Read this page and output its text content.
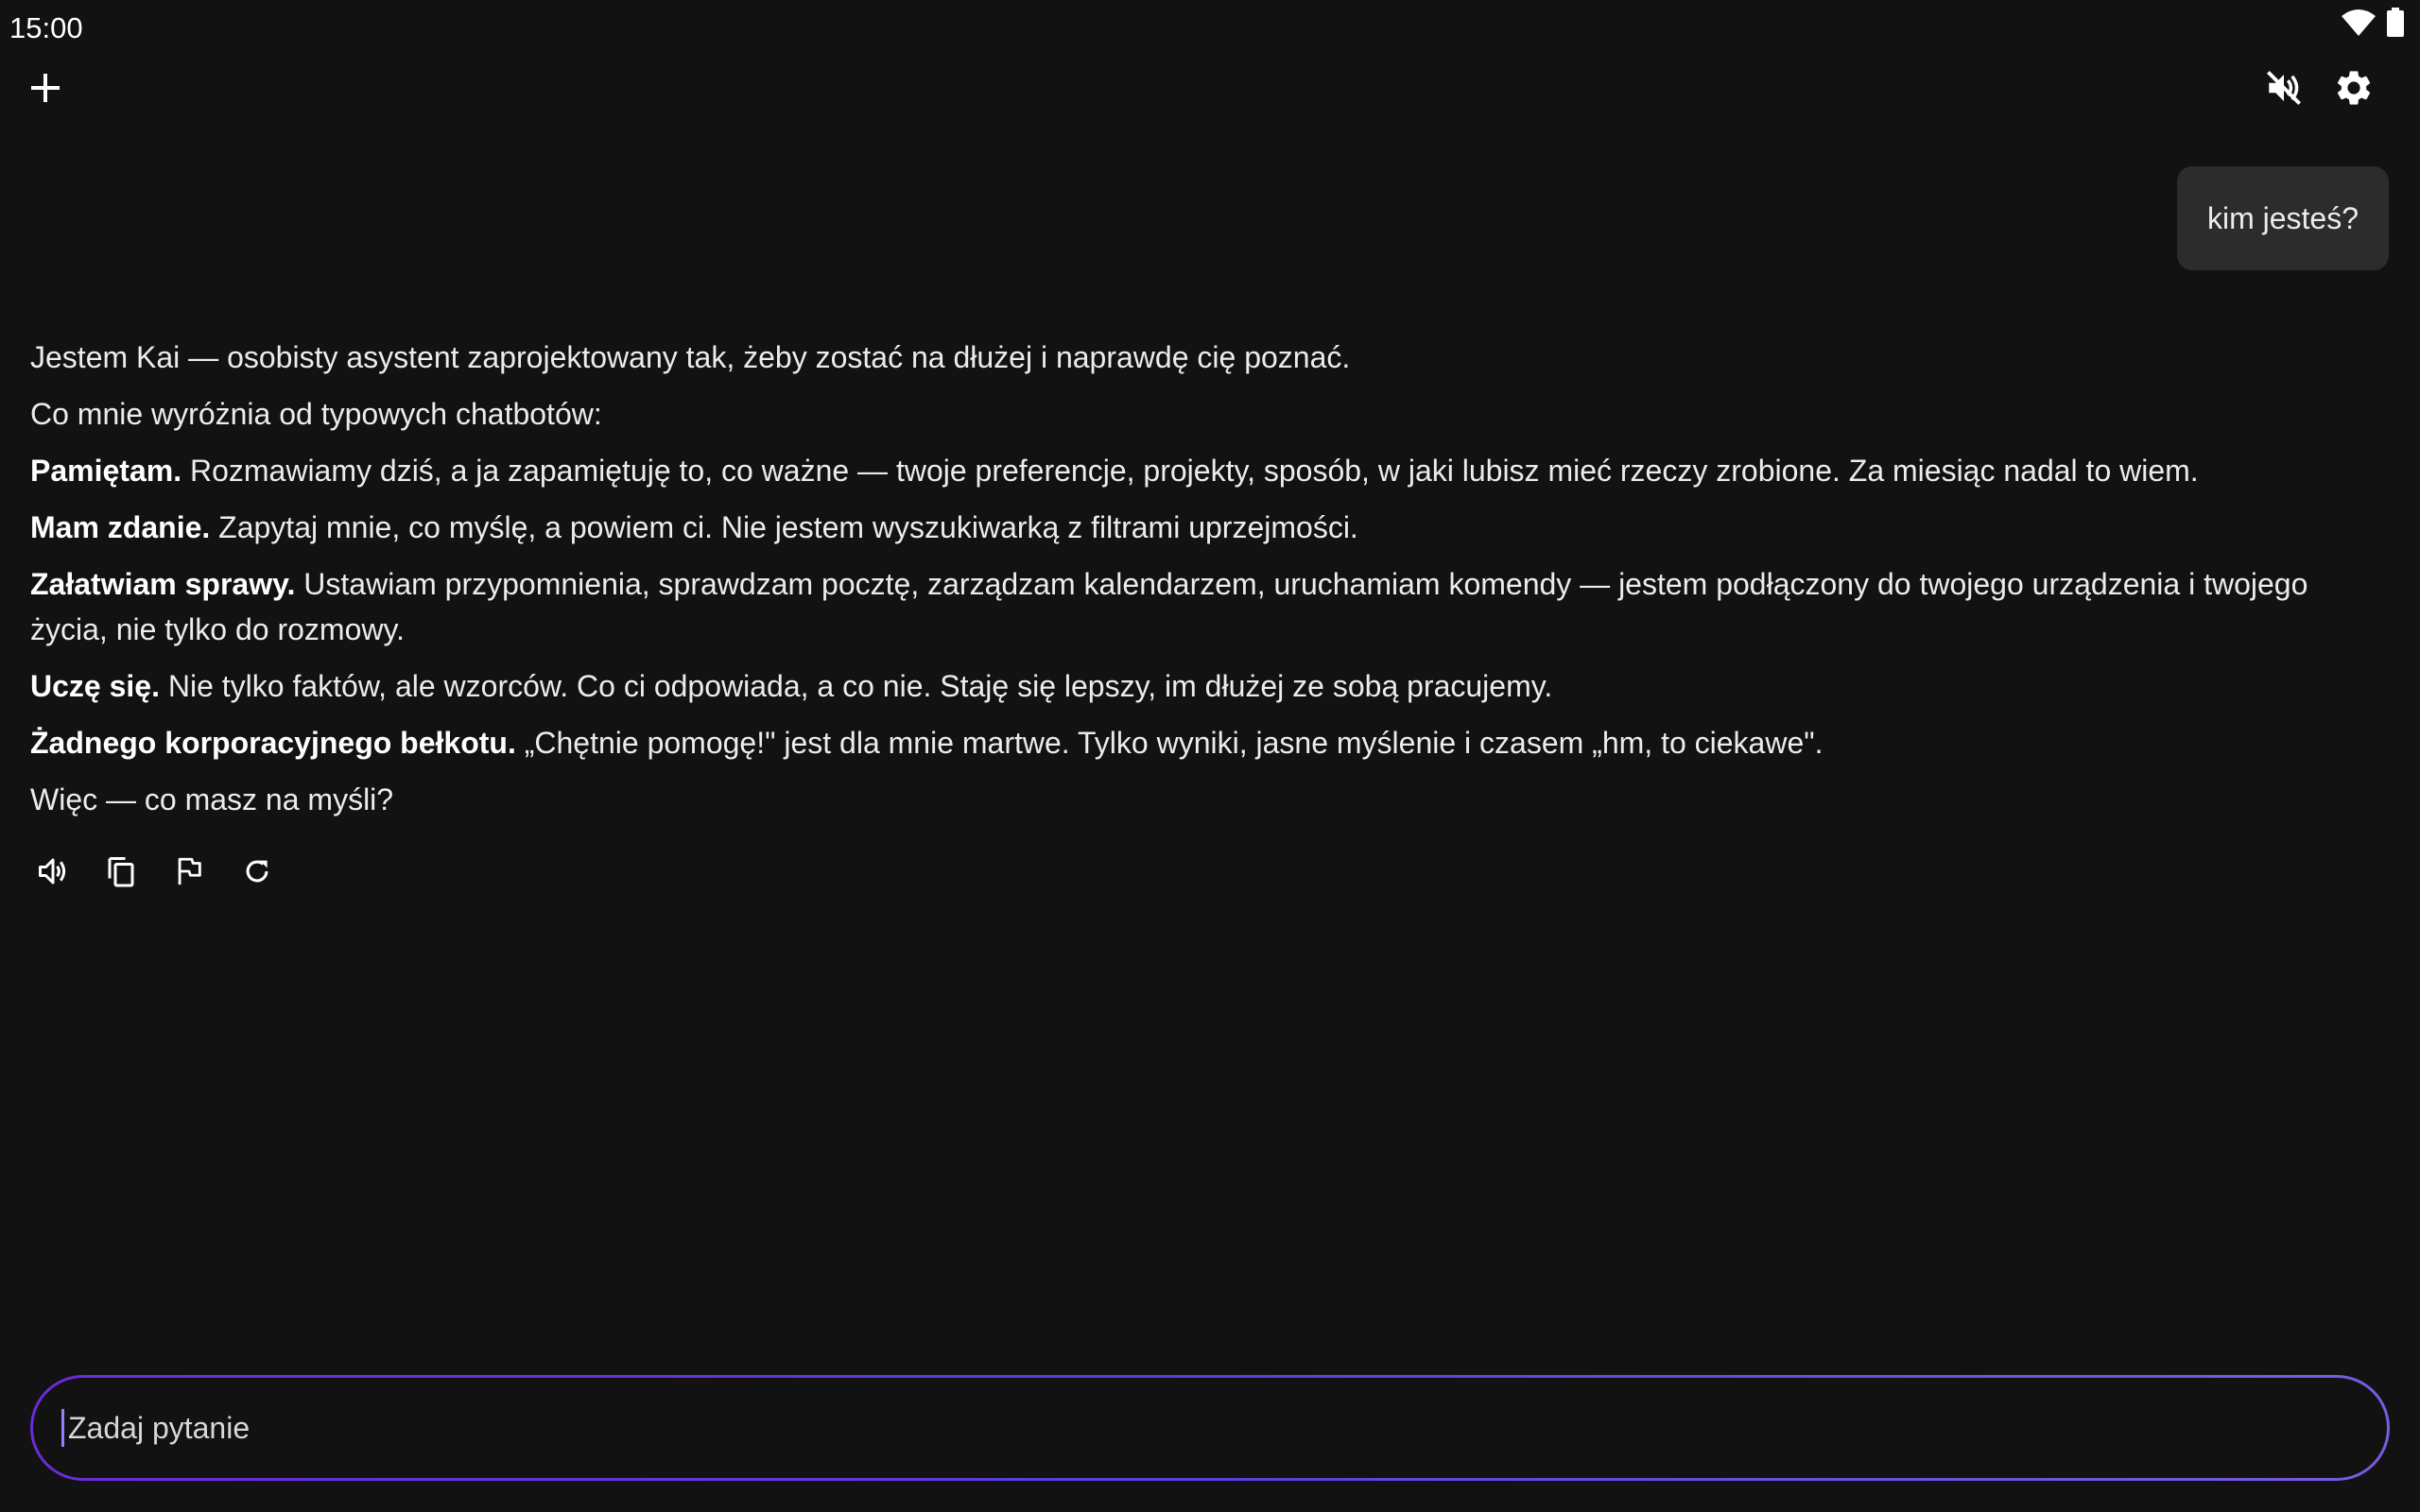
15:00
kim jesteś?

Jestem Kai — osobisty asystent zaprojektowany tak, żeby zostać na dłużej i naprawdę cię poznać.

Co mnie wyróżnia od typowych chatbotów:

Pamiętam. Rozmawiamy dziś, a ja zapamiętuję to, co ważne — twoje preferencje, projekty, sposób, w jaki lubisz mieć rzeczy zrobione. Za miesiąc nadal to wiem.

Mam zdanie. Zapytaj mnie, co myślę, a powiem ci. Nie jestem wyszukiwarką z filtrami uprzejmości.

Załatwiam sprawy. Ustawiam przypomnienia, sprawdzam pocztę, zarządzam kalendarzem, uruchamiam komendy — jestem podłączony do twojego urządzenia i twojego życia, nie tylko do rozmowy.

Uczę się. Nie tylko faktów, ale wzorców. Co ci odpowiada, a co nie. Staję się lepszy, im dłużej ze sobą pracujemy.

Żadnego korporacyjnego bełkotu. „Chętnie pomogę!" jest dla mnie martwe. Tylko wyniki, jasne myślenie i czasem „hm, to ciekawe".

Więc — co masz na myśli?

Zadaj pytanie
